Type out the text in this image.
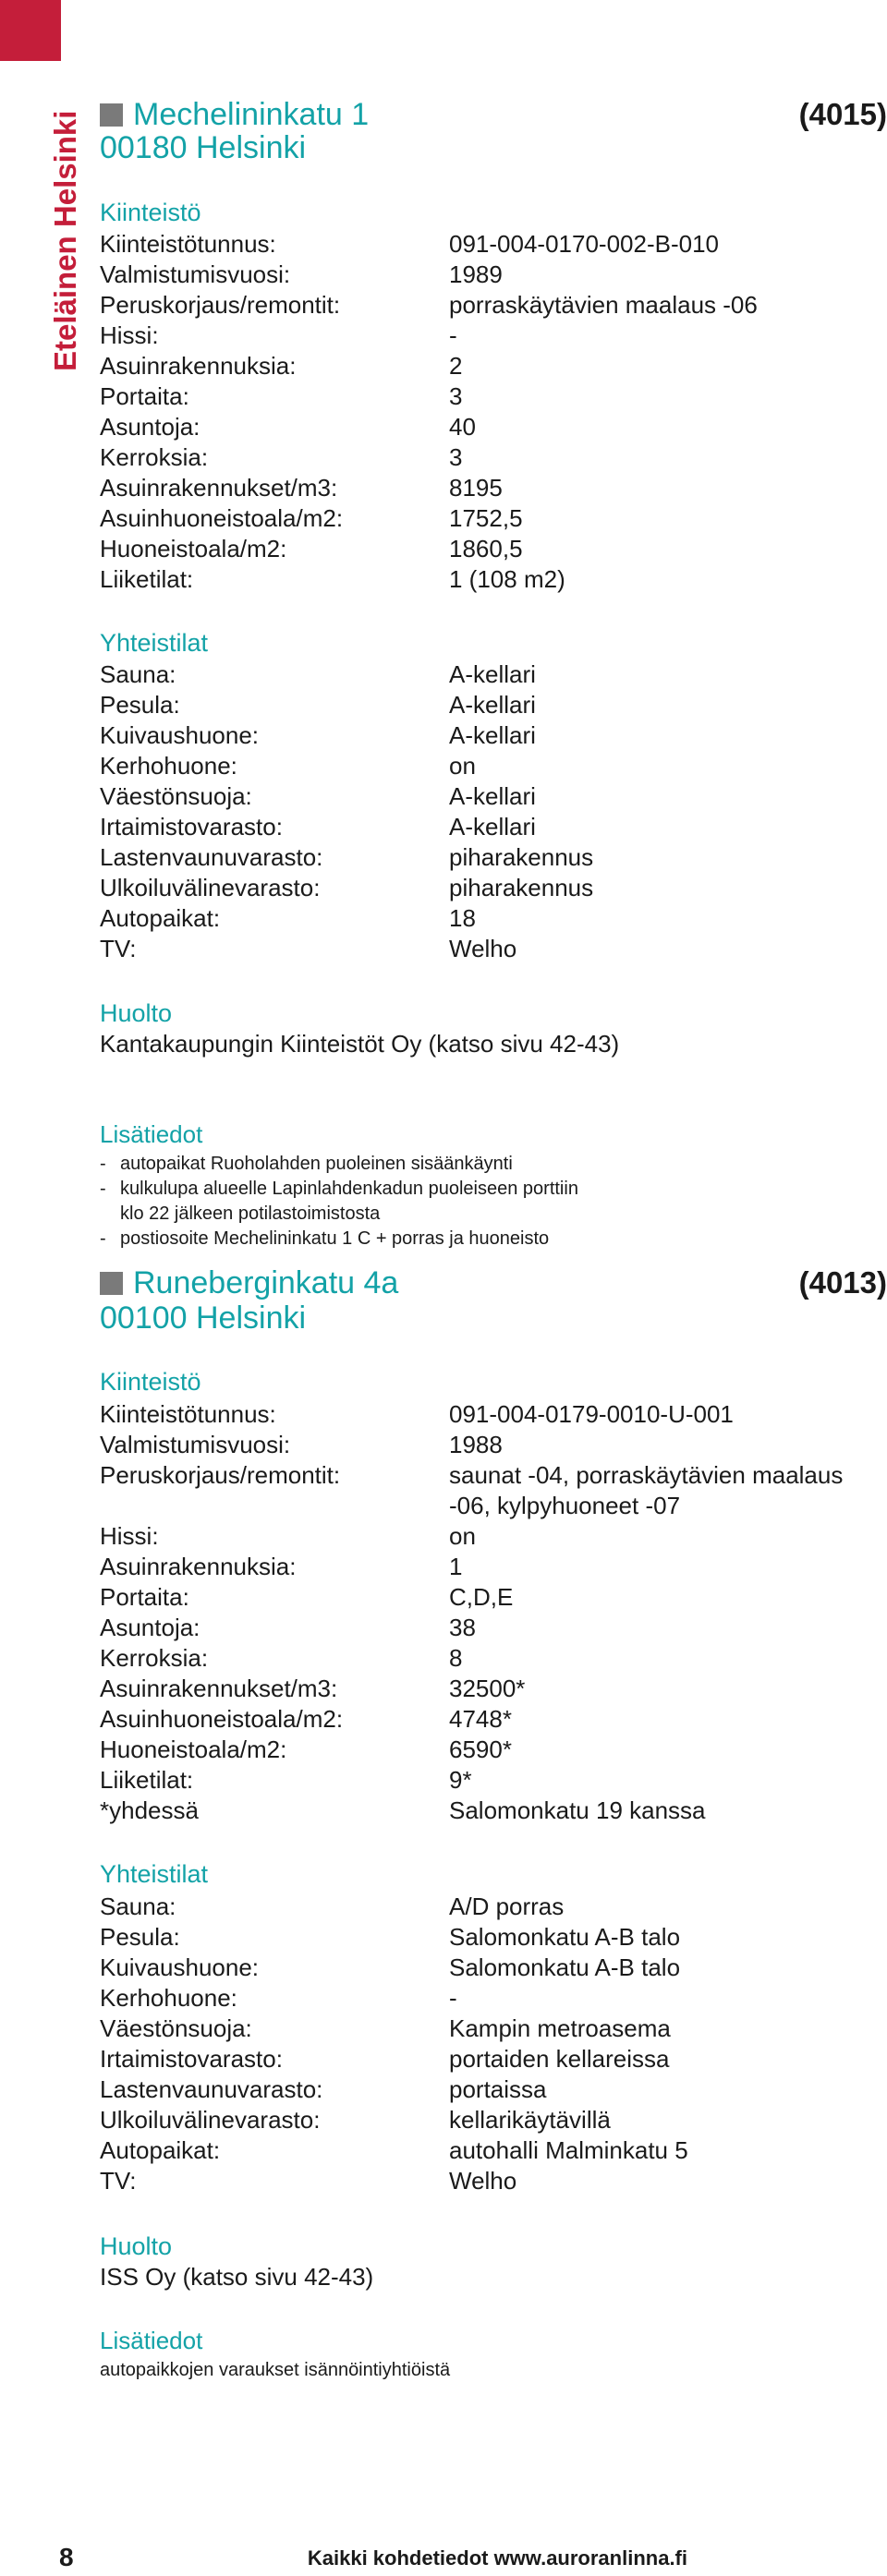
Eteläinen Helsinki Mechelininkatu 1	(4015)
00180 Helsinki
Kiinteistö
Kiinteistötunnus:	091-004-0170-002-B-010
Valmistumisvuosi:	1989
Peruskorjaus/remontit:	porraskäytävien maalaus -06
Hissi:	-
Asuinrakennuksia:	2
Portaita:	3
Asuntoja:	40
Kerroksia:	3
Asuinrakennukset/m3:	8195
Asuinhuoneistoala/m2:	1752,5
Huoneistoala/m2:	1860,5
Liiketilat:	1 (108 m2)
Yhteistilat
Sauna:	A-kellari
Pesula:	A-kellari
Kuivaushuone:	A-kellari
Kerhohuone:	on
Väestönsuoja:	A-kellari
Irtaimistovarasto:	A-kellari
Lastenvaunuvarasto:	piharakennus
Ulkoiluvälinevarasto:	piharakennus
Autopaikat:	18
TV:	Welho
Huolto
Kantakaupungin Kiinteistöt Oy (katso sivu 42-43)
Lisätiedot
- autopaikat Ruoholahden puoleinen sisäänkäynti
- kulkulupa alueelle Lapinlahdenkadun puoleiseen porttiin
klo 22 jälkeen potilastoimistosta
- postiosoite Mechelininkatu 1 C + porras ja huoneisto
Runeberginkatu 4a	(4013)
00100 Helsinki
Kiinteistö
Kiinteistötunnus:	091-004-0179-0010-U-001
Valmistumisvuosi:	1988
Peruskorjaus/remontit:	saunat -04, porraskäytävien maalaus
-06, kylpyhuoneet -07
Hissi:	on
Asuinrakennuksia:	1
Portaita:	C,D,E
Asuntoja:	38
Kerroksia:	8
Asuinrakennukset/m3:	32500*
Asuinhuoneistoala/m2:	4748*
Huoneistoala/m2:	6590*
Liiketilat:	9*
*yhdessä	Salomonkatu 19 kanssa
Yhteistilat
Sauna:	A/D porras
Pesula:	Salomonkatu A-B talo
Kuivaushuone:	Salomonkatu A-B talo
Kerhohuone:	-
Väestönsuoja:	Kampin metroasema
Irtaimistovarasto:	portaiden kellareissa
Lastenvaunuvarasto:	portaissa
Ulkoiluvälinevarasto:	kellarikäytävillä
Autopaikat:	autohalli Malminkatu 5
TV:	Welho
Huolto
ISS Oy (katso sivu 42-43)
Lisätiedot
autopaikkojen varaukset isännöintiyhtiöistä
8	Kaikki kohdetiedot www.auroranlinna.fi
